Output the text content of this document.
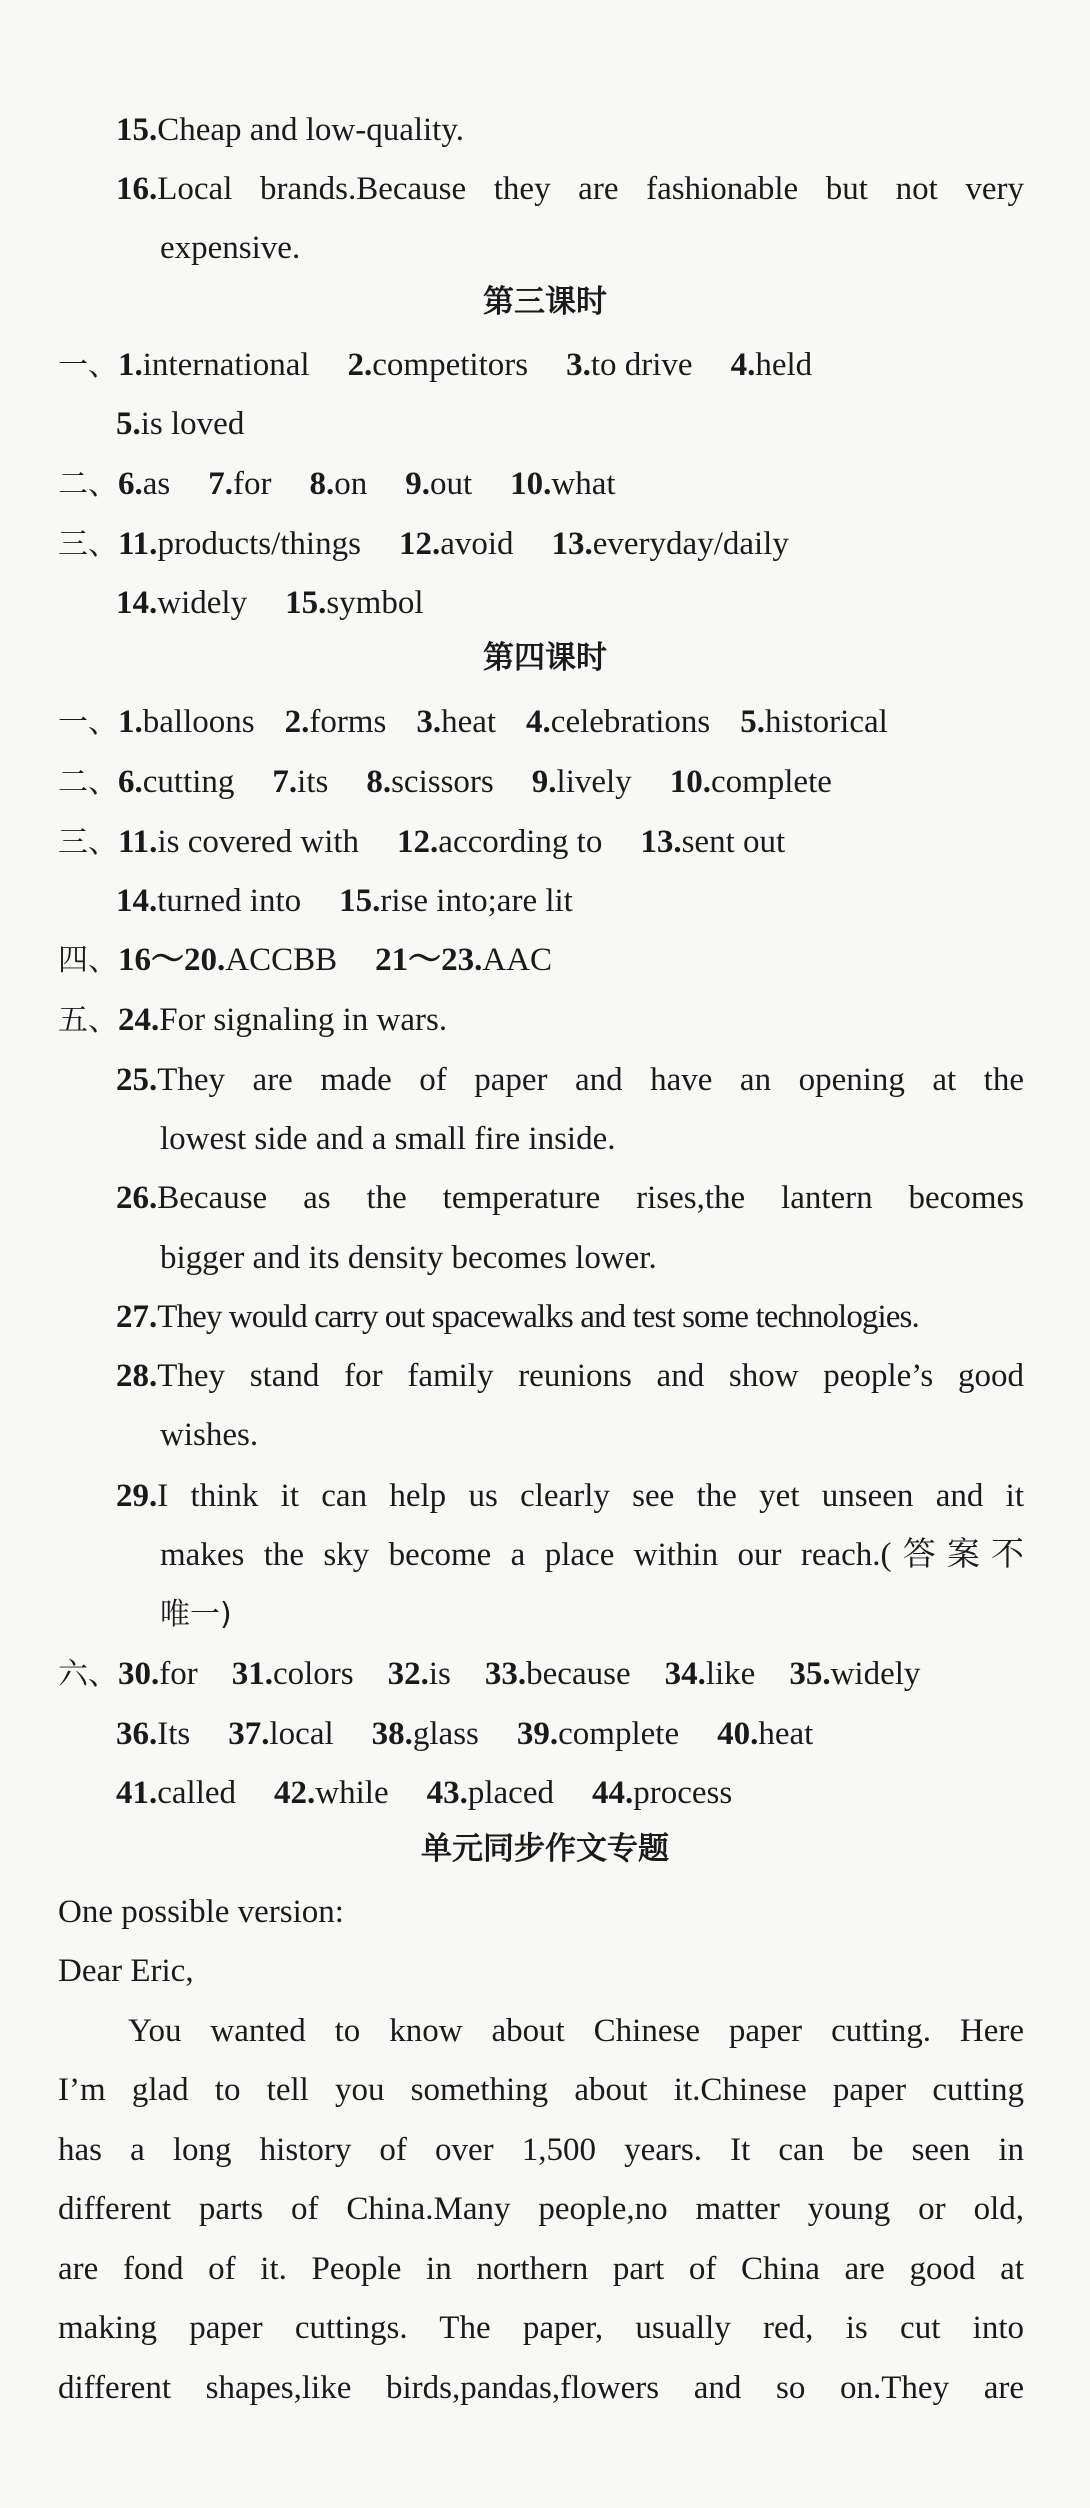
15.Cheap and low-quality.
16.Local brands.Because they are fashionable but not very
expensive.
第三课时
一、1.international 2.competitors 3.to drive 4.held
5.is loved
二、6.as 7.for 8.on 9.out 10.what
三、11.products/things 12.avoid 13.everyday/daily
14.widely 15.symbol
第四课时
一、1.balloons 2.forms 3.heat 4.celebrations 5.historical
二、6.cutting 7.its 8.scissors 9.lively 10.complete
三、11.is covered with 12.according to 13.sent out
14.turned into 15.rise into;are lit
四、16～20.ACCBB 21～23.AAC
五、24.For signaling in wars.
25.They are made of paper and have an opening at the
lowest side and a small fire inside.
26.Because as the temperature rises,the lantern becomes
bigger and its density becomes lower.
27.They would carry out spacewalks and test some technologies.
28.They stand for family reunions and show people’s good
wishes.
29.I think it can help us clearly see the yet unseen and it
makes the sky become a place within our reach.(答案不
唯一)
六、30.for 31.colors 32.is 33.because 34.like 35.widely
36.Its 37.local 38.glass 39.complete 40.heat
41.called 42.while 43.placed 44.process
单元同步作文专题
One possible version:
Dear Eric,
You wanted to know about Chinese paper cutting. Here
I’m glad to tell you something about it.Chinese paper cutting
has a long history of over 1,500 years. It can be seen in
different parts of China.Many people,no matter young or old,
are fond of it. People in northern part of China are good at
making paper cuttings. The paper, usually red, is cut into
different shapes,like birds,pandas,flowers and so on.They are
